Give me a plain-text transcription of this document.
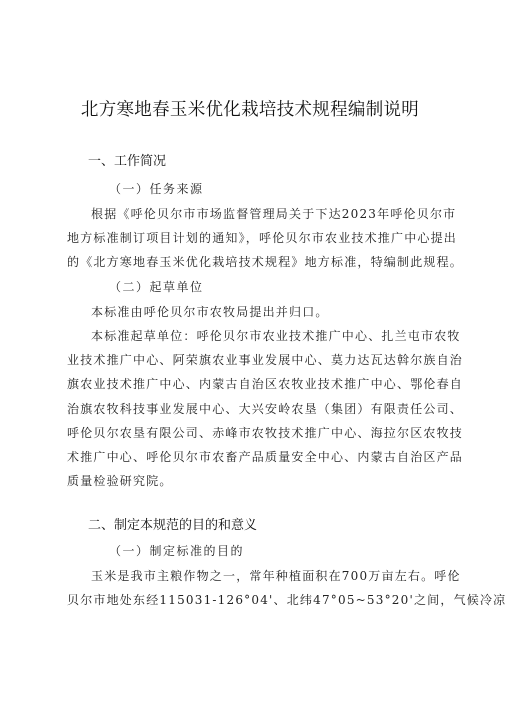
北方寒地春玉米优化栽培技术规程编制说明
一、工作简况
（一）任务来源
根据《呼伦贝尔市市场监督管理局关于下达2023年呼伦贝尔市
地方标准制订项目计划的通知》，呼伦贝尔市农业技术推广中心提出
的《北方寒地春玉米优化栽培技术规程》地方标准，特编制此规程。
（二）起草单位
本标准由呼伦贝尔市农牧局提出并归口。
本标准起草单位：呼伦贝尔市农业技术推广中心、扎兰屯市农牧
业技术推广中心、阿荣旗农业事业发展中心、莫力达瓦达斡尔族自治
旗农业技术推广中心、内蒙古自治区农牧业技术推广中心、鄂伦春自
治旗农牧科技事业发展中心、大兴安岭农垦（集团）有限责任公司、
呼伦贝尔农垦有限公司、赤峰市农牧技术推广中心、海拉尔区农牧技
术推广中心、呼伦贝尔市农畜产品质量安全中心、内蒙古自治区产品
质量检验研究院。
二、制定本规范的目的和意义
（一）制定标准的目的
玉米是我市主粮作物之一，常年种植面积在700万亩左右。呼伦
贝尔市地处东经115031-126°04'、北纬47°05~53°20'之间，气候冷凉
